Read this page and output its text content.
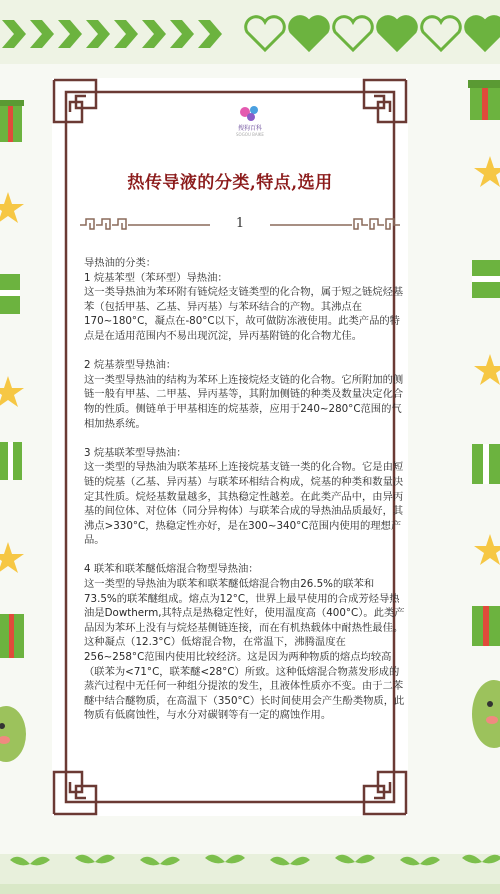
搜狗百科
SOGOU BAIKE
热传导液的分类,特点,选用
1

导热油的分类：

1 烷基苯型（苯环型）导热油：

这一类导热油为苯环附有链烷烃支链类型的化合物，属于短之链烷烃基苯（包括甲基、乙基、异丙基）与苯环结合的产物。其沸点在170~180°C，凝点在-80°C以下，故可做防冻液使用。此类产品的特点是在适用范围内不易出现沉淀，异丙基附链的化合物尤佳。

2 烷基萘型导热油：

这一类型导热油的结构为苯环上连接烷烃支链的化合物。它所附加的侧链一般有甲基、二甲基、异丙基等，其附加侧链的种类及数量决定化合物的性质。侧链单于甲基相连的烷基萘，应用于240~280°C范围的气相加热系统。

3 烷基联苯型导热油：

这一类型的导热油为联苯基环上连接烷基支链一类的化合物。它是由短链的烷基（乙基、异丙基）与联苯环相结合构成，烷基的种类和数量决定其性质。烷烃基数量越多，其热稳定性越差。在此类产品中，由异丙基的间位体、对位体（同分异构体）与联苯合成的导热油品质最好，其沸点>330°C，热稳定性亦好，是在300~340°C范围内使用的理想产品。

4 联苯和联苯醚低熔混合物型导热油：

这一类型的导热油为联苯和联苯醚低熔混合物由26.5%的联苯和73.5%的联苯醚组成。熔点为12°C，世界上最早使用的合成芳烃导热油是Dowtherm,其特点是热稳定性好，使用温度高（400°C）。此类产品因为苯环上没有与烷烃基侧链连接，而在有机热载体中耐热性最佳。这种凝点（12.3°C）低熔混合物，在常温下，沸腾温度在256~258°C范围内使用比较经济。这是因为两种物质的熔点均较高（联苯为<71°C，联苯醚<28°C）所致。这种低熔混合物蒸发形成的蒸汽过程中无任何一种组分提浓的发生，且液体性质亦不变。由于二苯醚中结合醚物质，在高温下（350°C）长时间使用会产生酚类物质，此物质有低腐蚀性，与水分对碳钢等有一定的腐蚀作用。
